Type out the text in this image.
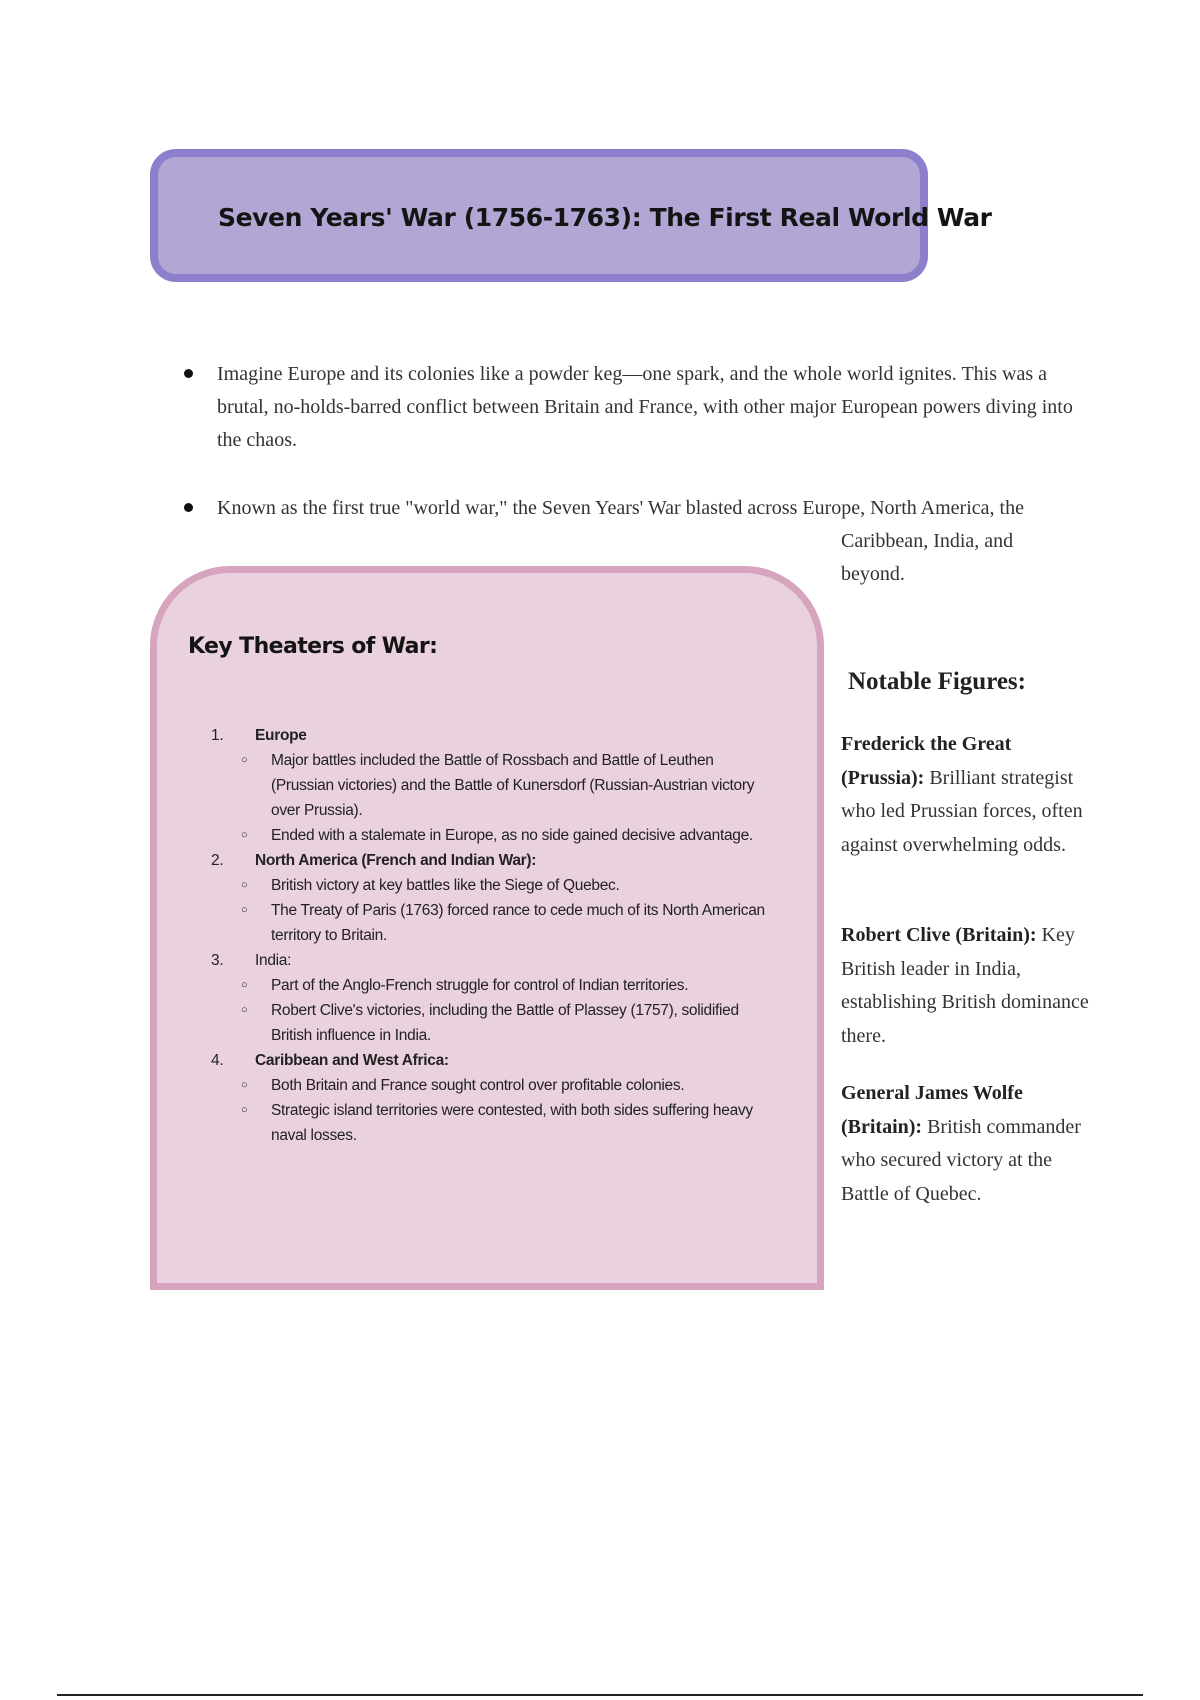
Seven Years' War (1756-1763): The First Real World War
Imagine Europe and its colonies like a powder keg—one spark, and the whole world ignites. This was a brutal, no-holds-barred conflict between Britain and France, with other major European powers diving into the chaos.
Known as the first true "world war," the Seven Years' War blasted across Europe, North America, the
Caribbean, India, and beyond.
Key Theaters of War:
1. Europe
○ Major battles included the Battle of Rossbach and Battle of Leuthen (Prussian victories) and the Battle of Kunersdorf (Russian-Austrian victory over Prussia).
○ Ended with a stalemate in Europe, as no side gained decisive advantage.
2. North America (French and Indian War):
○ British victory at key battles like the Siege of Quebec.
○ The Treaty of Paris (1763) forced rance to cede much of its North American territory to Britain.
3. India:
○ Part of the Anglo-French struggle for control of Indian territories.
○ Robert Clive's victories, including the Battle of Plassey (1757), solidified British influence in India.
4. Caribbean and West Africa:
○ Both Britain and France sought control over profitable colonies.
○ Strategic island territories were contested, with both sides suffering heavy naval losses.
Notable Figures:
Frederick the Great (Prussia): Brilliant strategist who led Prussian forces, often against overwhelming odds.
Robert Clive (Britain): Key British leader in India, establishing British dominance there.
General James Wolfe (Britain): British commander who secured victory at the Battle of Quebec.
